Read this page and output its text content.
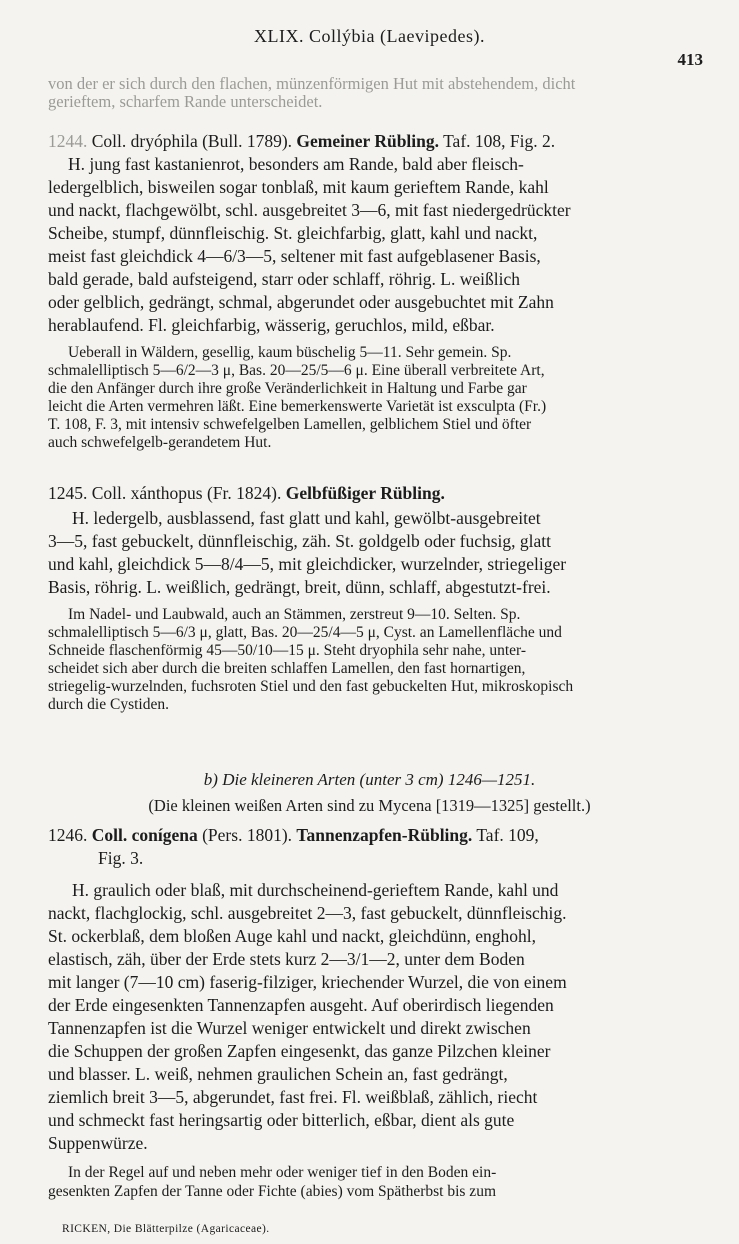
XLIX. Collýbia (Laevipedes).
413
von der er sich durch den flachen, münzenförmigen Hut mit abstehendem, dicht
gerieftem, scharfem Rande unterscheidet.
1244. Coll. dryóphila (Bull. 1789). Gemeiner Rübling. Taf. 108, Fig. 2.
H. jung fast kastanienrot, besonders am Rande, bald aber fleisch-
ledergelblich, bisweilen sogar tonblaß, mit kaum gerieftem Rande, kahl
und nackt, flachgewölbt, schl. ausgebreitet 3—6, mit fast niedergedrückter
Scheibe, stumpf, dünnfleischig. St. gleichfarbig, glatt, kahl und nackt,
meist fast gleichdick 4—6/3—5, seltener mit fast aufgeblasener Basis,
bald gerade, bald aufsteigend, starr oder schlaff, röhrig. L. weißlich
oder gelblich, gedrängt, schmal, abgerundet oder ausgebuchtet mit Zahn
herablaufend. Fl. gleichfarbig, wässerig, geruchlos, mild, eßbar.
Ueberall in Wäldern, gesellig, kaum büschelig 5—11. Sehr gemein. Sp.
schmalelliptisch 5—6/2—3 μ, Bas. 20—25/5—6 μ. Eine überall verbreitete Art,
die den Anfänger durch ihre große Veränderlichkeit in Haltung und Farbe gar
leicht die Arten vermehren läßt. Eine bemerkenswerte Varietät ist exsculpta (Fr.)
T. 108, F. 3, mit intensiv schwefelgelben Lamellen, gelblichem Stiel und öfter
auch schwefelgelb-gerandetem Hut.
1245. Coll. xánthopus (Fr. 1824). Gelbfüßiger Rübling.
H. ledergelb, ausblassend, fast glatt und kahl, gewölbt-ausgebreitet
3—5, fast gebuckelt, dünnfleischig, zäh. St. goldgelb oder fuchsig, glatt
und kahl, gleichdick 5—8/4—5, mit gleichdicker, wurzelnder, striegeliger
Basis, röhrig. L. weißlich, gedrängt, breit, dünn, schlaff, abgestutzt-frei.
Im Nadel- und Laubwald, auch an Stämmen, zerstreut 9—10. Selten. Sp.
schmalelliptisch 5—6/3 μ, glatt, Bas. 20—25/4—5 μ, Cyst. an Lamellenfläche und
Schneide flaschenförmig 45—50/10—15 μ. Steht dryophila sehr nahe, unter-
scheidet sich aber durch die breiten schlaffen Lamellen, den fast hornartigen,
striegelig-wurzelnden, fuchsroten Stiel und den fast gebuckelten Hut, mikroskopisch
durch die Cystiden.
b) Die kleineren Arten (unter 3 cm) 1246—1251.
(Die kleinen weißen Arten sind zu Mycena [1319—1325] gestellt.)
1246. Coll. conígena (Pers. 1801). Tannenzapfen-Rübling. Taf. 109,
Fig. 3.
H. graulich oder blaß, mit durchscheinend-gerieftem Rande, kahl und
nackt, flachglockig, schl. ausgebreitet 2—3, fast gebuckelt, dünnfleischig.
St. ockerblaß, dem bloßen Auge kahl und nackt, gleichdünn, enghohl,
elastisch, zäh, über der Erde stets kurz 2—3/1—2, unter dem Boden
mit langer (7—10 cm) faserig-filziger, kriechender Wurzel, die von einem
der Erde eingesenkten Tannenzapfen ausgeht. Auf oberirdisch liegenden
Tannenzapfen ist die Wurzel weniger entwickelt und direkt zwischen
die Schuppen der großen Zapfen eingesenkt, das ganze Pilzchen kleiner
und blasser. L. weiß, nehmen graulichen Schein an, fast gedrängt,
ziemlich breit 3—5, abgerundet, fast frei. Fl. weißblaß, zählich, riecht
und schmeckt fast heringsartig oder bitterlich, eßbar, dient als gute
Suppenwürze.
In der Regel auf und neben mehr oder weniger tief in den Boden ein-
gesenkten Zapfen der Tanne oder Fichte (abies) vom Spätherbst bis zum
RICKEN, Die Blätterpilze (Agaricaceae).
